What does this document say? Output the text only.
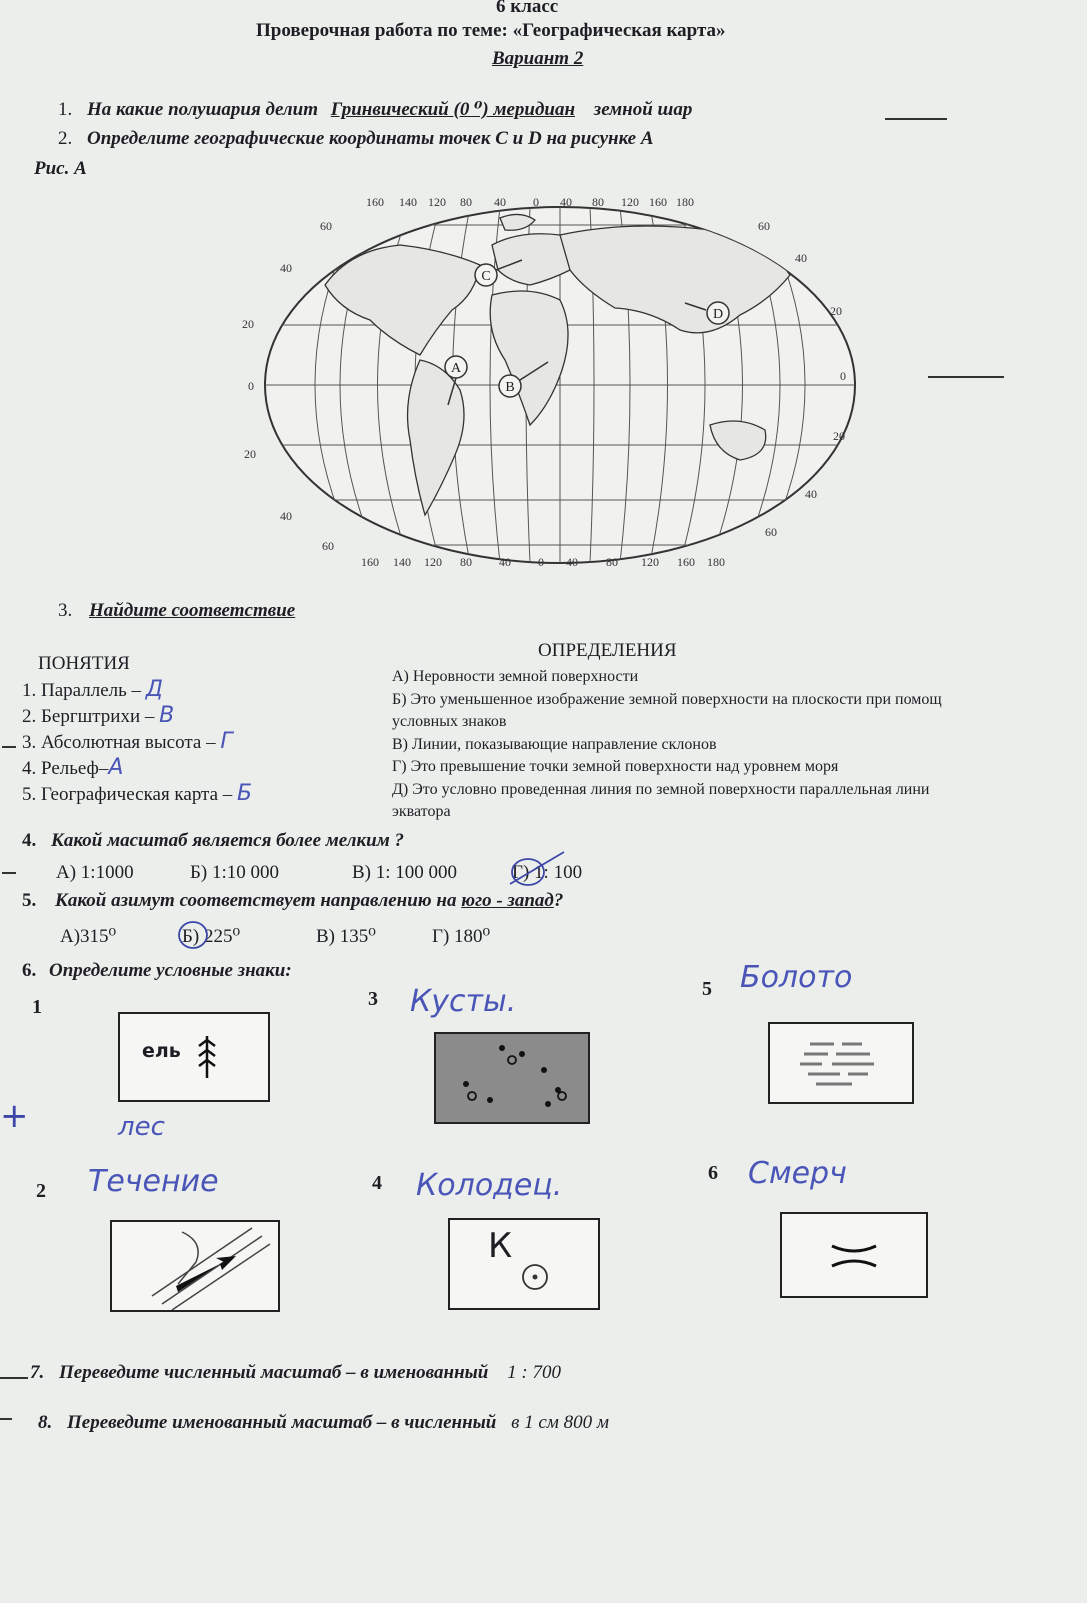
6 класс
Проверочная работа по теме: «Географическая карта»
Вариант 2
1. На какие полушария делит Гринвический (0 ⁰) меридиан земной шар
2. Определите географические координаты точек C и D на рисунке A
Рис. А
A
B
C
D
160 140 120 80 40 0 40 80 120 160 180
160 140 120 80 40 0 40 80 120 160 180
60
40
20
0
20
40
60
60
40
20
0
20
40
60
3. Найдите соответствие
ПОНЯТИЯ
ОПРЕДЕЛЕНИЯ
1. Параллель – Д
2. Бергштрихи – В
3. Абсолютная высота – Г
4. Рельеф–А
5. Географическая карта – Б
А) Неровности земной поверхности
Б) Это уменьшенное изображение земной поверхности на плоскости при помощ
условных знаков
В) Линии, показывающие направление склонов
Г) Это превышение точки земной поверхности над уровнем моря
Д) Это условно проведенная линия по земной поверхности параллельная лини
экватора
4. Какой масштаб является более мелким ?
А) 1:1000	Б) 1:10 000	В) 1: 100 000	Г) 1: 100
5. Какой азимут соответствует направлению на юго - запад?
А)315⁰	Б) 225⁰	В) 135⁰	Г) 180⁰
6. Определите условные знаки:
1	3	5
2	4	6
лес
Кусты.
Болото
Течение	Колодец.	Смерч
+
ель
К
7. Переведите численный масштаб – в именованный 1 : 700
8. Переведите именованный масштаб – в численный в 1 см 800 м
